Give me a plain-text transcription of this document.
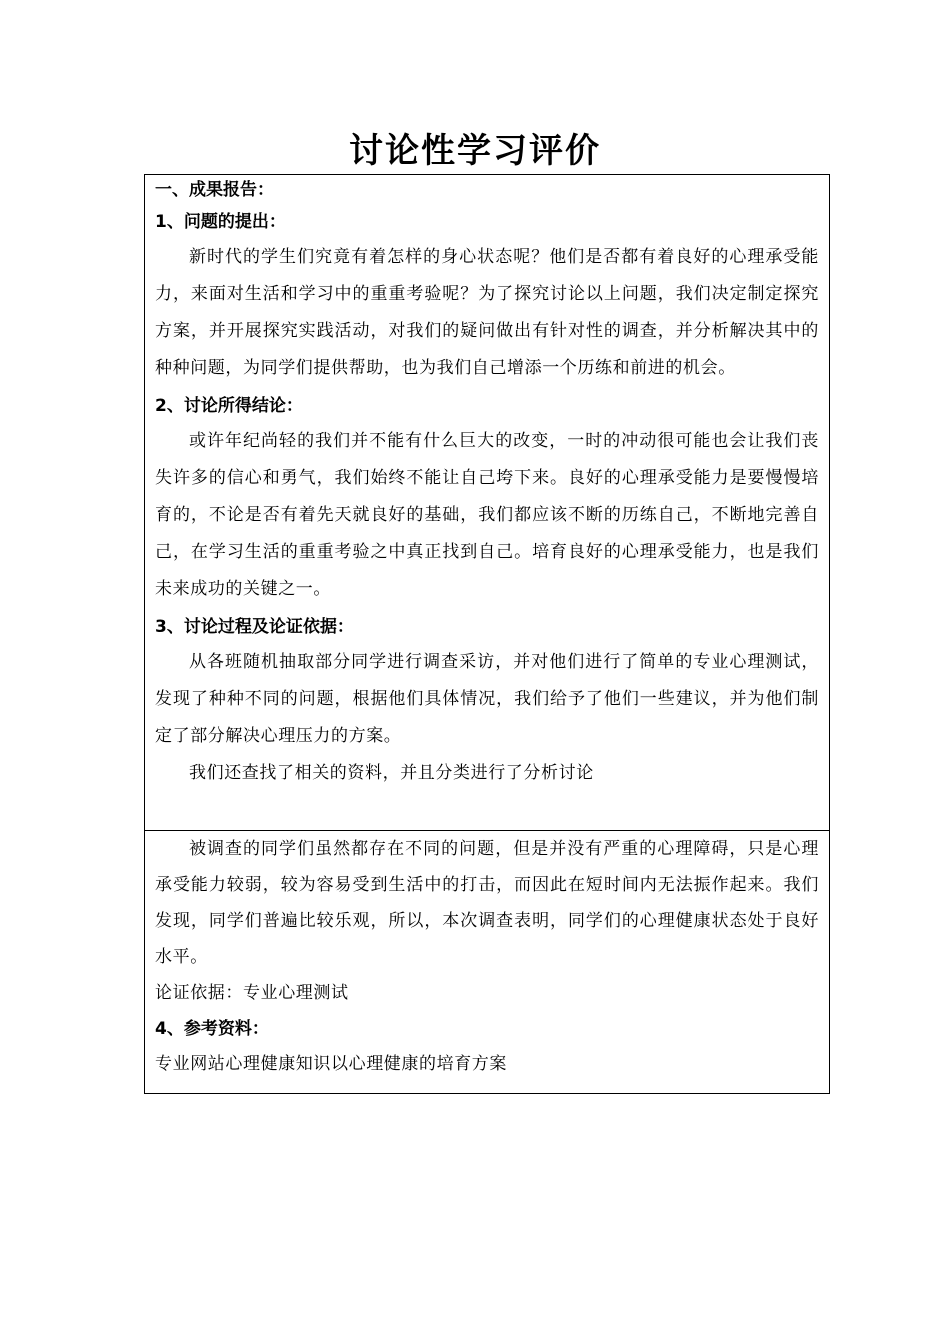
讨论性学习评价
一、成果报告：
1、问题的提出：
新时代的学生们究竟有着怎样的身心状态呢？他们是否都有着良好的心理承受能力，来面对生活和学习中的重重考验呢？为了探究讨论以上问题，我们决定制定探究方案，并开展探究实践活动，对我们的疑问做出有针对性的调查，并分析解决其中的种种问题，为同学们提供帮助，也为我们自己增添一个历练和前进的机会。
2、讨论所得结论：
或许年纪尚轻的我们并不能有什么巨大的改变，一时的冲动很可能也会让我们丧失许多的信心和勇气，我们始终不能让自己垮下来。良好的心理承受能力是要慢慢培育的，不论是否有着先天就良好的基础，我们都应该不断的历练自己，不断地完善自己，在学习生活的重重考验之中真正找到自己。培育良好的心理承受能力，也是我们未来成功的关键之一。
3、讨论过程及论证依据：
从各班随机抽取部分同学进行调查采访，并对他们进行了简单的专业心理测试，发现了种种不同的问题，根据他们具体情况，我们给予了他们一些建议，并为他们制定了部分解决心理压力的方案。
我们还查找了相关的资料，并且分类进行了分析讨论
被调查的同学们虽然都存在不同的问题，但是并没有严重的心理障碍，只是心理承受能力较弱，较为容易受到生活中的打击，而因此在短时间内无法振作起来。我们发现，同学们普遍比较乐观，所以，本次调查表明，同学们的心理健康状态处于良好水平。
论证依据：专业心理测试
4、参考资料：
专业网站心理健康知识以心理健康的培育方案
